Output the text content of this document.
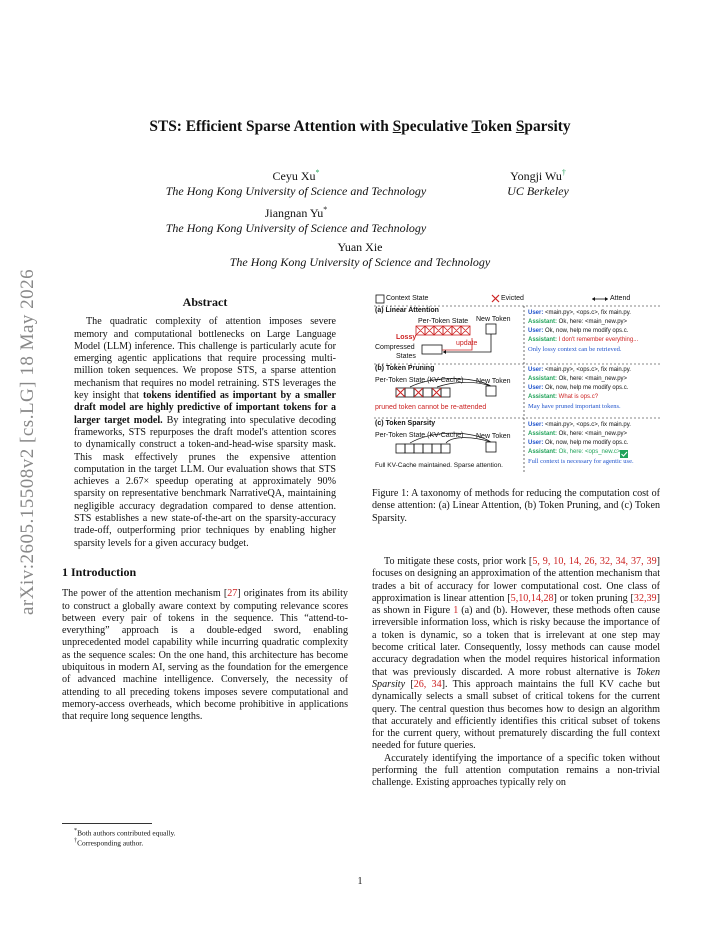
arXiv:2605.15508v2 [cs.LG] 18 May 2026
STS: Efficient Sparse Attention with Speculative Token Sparsity
Ceyu Xu*
The Hong Kong University of Science and Technology
Yongji Wu†
UC Berkeley
Jiangnan Yu*
The Hong Kong University of Science and Technology
Yuan Xie
The Hong Kong University of Science and Technology

Abstract

The quadratic complexity of attention imposes severe memory and computational bottlenecks on Large Language Model (LLM) inference. This challenge is particularly acute for emerging agentic applications that require processing multi-million token sequences. We propose STS, a sparse attention mechanism that requires no model retraining. STS leverages the key insight that tokens identified as important by a smaller draft model are highly predictive of important tokens for a larger target model. By integrating into speculative decoding frameworks, STS repurposes the draft model's attention scores to dynamically construct a token-and-head-wise sparsity mask. This mask effectively prunes the expensive attention computation in the target LLM. Our evaluation shows that STS achieves a 2.67× speedup operating at approximately 90% sparsity on representative benchmark NarrativeQA, maintaining negligible accuracy degradation compared to dense attention. STS establishes a new state-of-the-art on the sparsity-accuracy trade-off, outperforming prior techniques by enabling higher sparsity levels for a given accuracy budget.

1 Introduction

The power of the attention mechanism [27] originates from its ability to construct a globally aware context by computing relevance scores between every pair of tokens in the sequence. This “attend-to-everything” approach is a double-edged sword, enabling unprecedented model capability while incurring quadratic complexity as the sequence scales: On the one hand, this architecture has become ubiquitous in modern AI, serving as the foundation for the emergence of advanced machine intelligence. Conversely, the necessity of attending to all preceding tokens imposes severe computational and memory-access overheads, which become prohibitive in applications that require long sequence lengths.

*Both authors contributed equally.
†Corresponding author.
Context State	Evicted	Attend
(a) Linear Attention
Per-Token State New Token
Lossy
update
Compressed
States
User: <main.py>, <ops.c>, fix main.py.
Assistant: Ok, here: <main_new.py>
User: Ok, now, help me modify ops.c.
Assistant: I don't remember everything...
Only lossy context can be retrieved.
(b) Token Pruning
Per-Token State (KV-Cache) New Token
pruned token cannot be re-attended
User: <main.py>, <ops.c>, fix main.py.
Assistant: Ok, here: <main_new.py>
User: Ok, now, help me modify ops.c.
Assistant: What is ops.c?
May have pruned important tokens.
(c) Token Sparsity
Per-Token State (KV-Cache) New Token
Full KV-Cache maintained. Sparse attention.
User: <main.py>, <ops.c>, fix main.py.
Assistant: Ok, here: <main_new.py>
User: Ok, now, help me modify ops.c.
Assistant: Ok, here: <ops_new.c>
Full context is necessary for agentic use.
Figure 1: A taxonomy of methods for reducing the computation cost of dense attention: (a) Linear Attention, (b) Token Pruning, and (c) Token Sparsity.

To mitigate these costs, prior work [5, 9, 10, 14, 26, 32, 34, 37, 39] focuses on designing an approximation of the attention mechanism that trades a bit of accuracy for lower computational cost. One class of approximation is linear attention [5,10,14,28] or token pruning [32,39] as shown in Figure 1 (a) and (b). However, these methods often cause irreversible information loss, which is risky because the importance of a token is dynamic, so a token that is irrelevant at one step may become critical later. Consequently, lossy methods can cause model accuracy degradation when the model requires historical information that was previously discarded. A more robust alternative is Token Sparsity [26, 34]. This approach maintains the full KV cache but dynamically selects a small subset of critical tokens for the current query. The central question thus becomes how to design an algorithm that accurately and efficiently identifies this critical subset of tokens for the current query, without prematurely discarding the full context needed for future queries.

Accurately identifying the importance of a specific token without performing the full attention computation remains a non-trivial challenge. Existing approaches typically rely on

1
